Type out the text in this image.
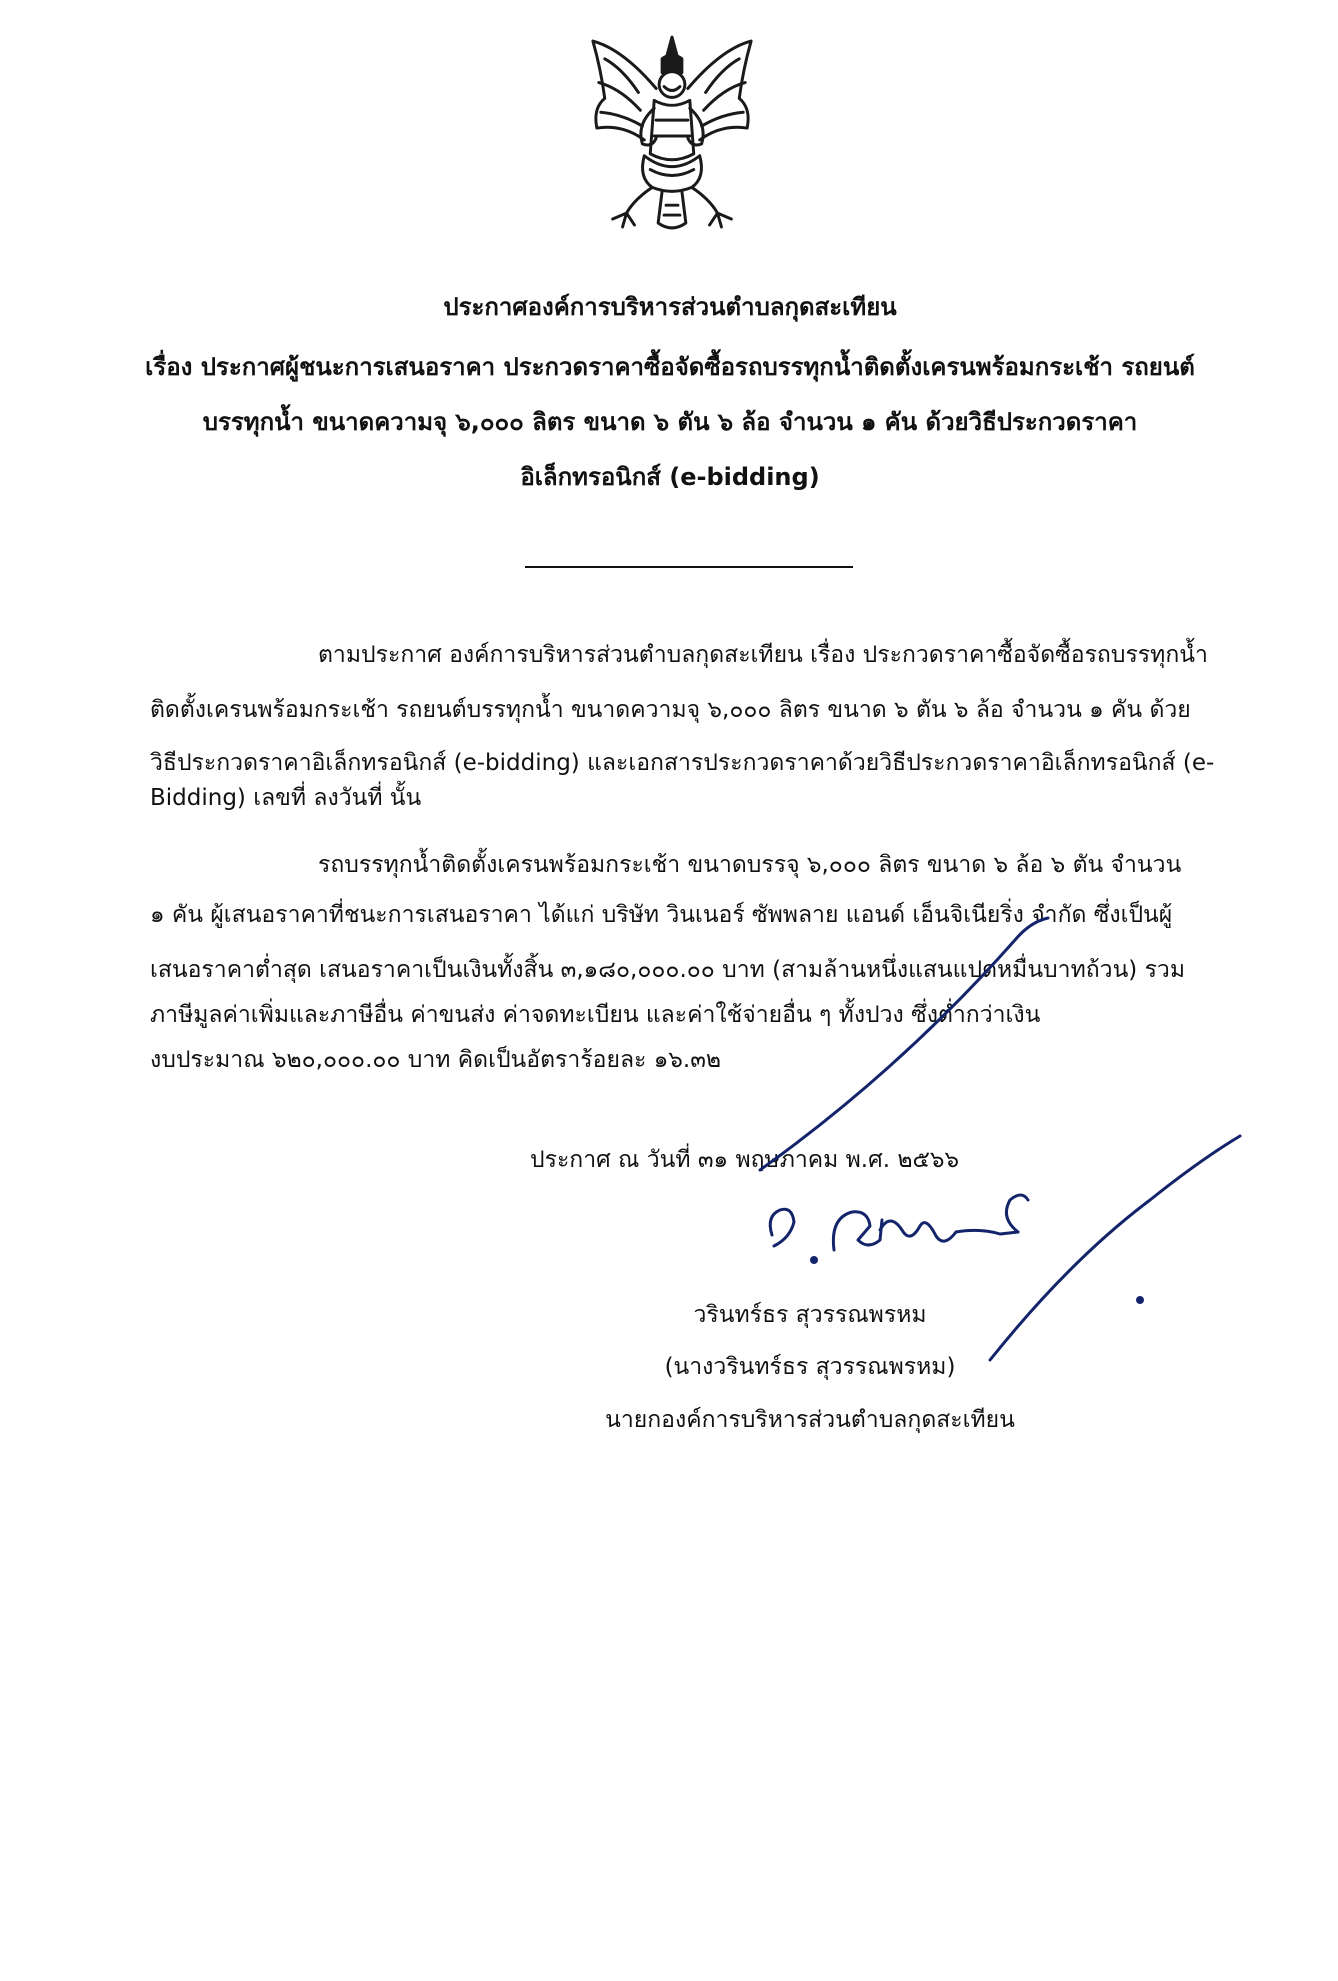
ประกาศองค์การบริหารส่วนตำบลกุดสะเทียน
เรื่อง ประกาศผู้ชนะการเสนอราคา ประกวดราคาซื้อจัดซื้อรถบรรทุกน้ำติดตั้งเครนพร้อมกระเช้า รถยนต์
บรรทุกน้ำ ขนาดความจุ ๖,๐๐๐ ลิตร ขนาด ๖ ตัน ๖ ล้อ จำนวน ๑ คัน ด้วยวิธีประกวดราคา
อิเล็กทรอนิกส์ (e-bidding)
ตามประกาศ องค์การบริหารส่วนตำบลกุดสะเทียน เรื่อง ประกวดราคาซื้อจัดซื้อรถบรรทุกน้ำ
ติดตั้งเครนพร้อมกระเช้า รถยนต์บรรทุกน้ำ ขนาดความจุ ๖,๐๐๐ ลิตร ขนาด ๖ ตัน ๖ ล้อ จำนวน ๑ คัน ด้วย
วิธีประกวดราคาอิเล็กทรอนิกส์ (e-bidding) และเอกสารประกวดราคาด้วยวิธีประกวดราคาอิเล็กทรอนิกส์ (e-
Bidding) เลขที่ ลงวันที่ นั้น
รถบรรทุกน้ำติดตั้งเครนพร้อมกระเช้า ขนาดบรรจุ ๖,๐๐๐ ลิตร ขนาด ๖ ล้อ ๖ ตัน จำนวน
๑ คัน ผู้เสนอราคาที่ชนะการเสนอราคา ได้แก่ บริษัท วินเนอร์ ซัพพลาย แอนด์ เอ็นจิเนียริ่ง จำกัด ซึ่งเป็นผู้
เสนอราคาต่ำสุด เสนอราคาเป็นเงินทั้งสิ้น ๓,๑๘๐,๐๐๐.๐๐ บาท (สามล้านหนึ่งแสนแปดหมื่นบาทถ้วน) รวม
ภาษีมูลค่าเพิ่มและภาษีอื่น ค่าขนส่ง ค่าจดทะเบียน และค่าใช้จ่ายอื่น ๆ ทั้งปวง ซึ่งต่ำกว่าเงิน
งบประมาณ ๖๒๐,๐๐๐.๐๐ บาท คิดเป็นอัตราร้อยละ ๑๖.๓๒
ประกาศ ณ วันที่ ๓๑ พฤษภาคม พ.ศ. ๒๕๖๖
ว. สืทน
วรินทร์ธร สุวรรณพรหม
(นางวรินทร์ธร สุวรรณพรหม)
นายกองค์การบริหารส่วนตำบลกุดสะเทียน
